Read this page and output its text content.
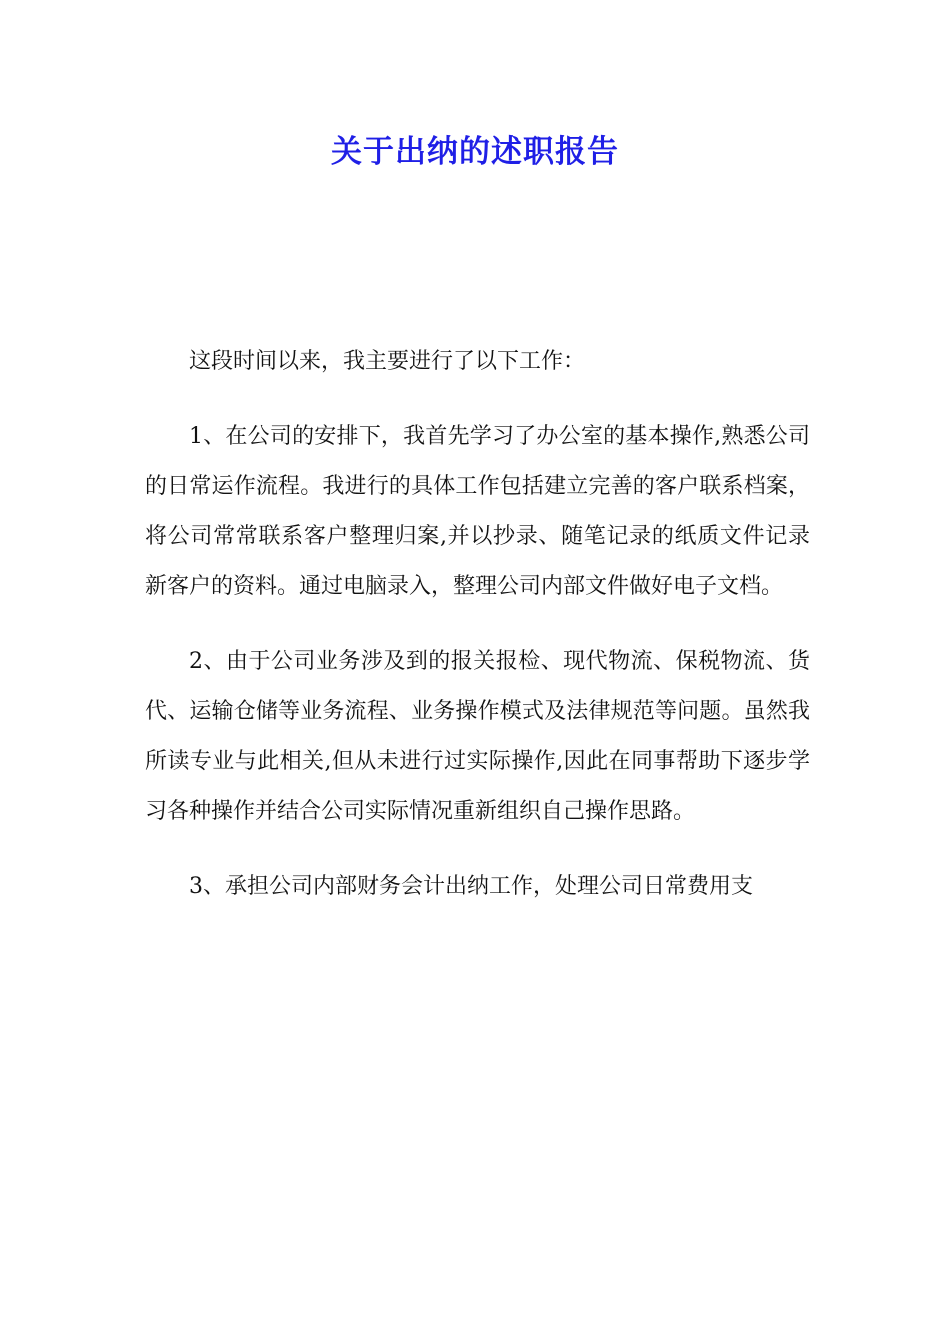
关于出纳的述职报告

这段时间以来，我主要进行了以下工作：

1、在公司的安排下，我首先学习了办公室的基本操作,熟悉公司的日常运作流程。我进行的具体工作包括建立完善的客户联系档案，将公司常常联系客户整理归案,并以抄录、随笔记录的纸质文件记录新客户的资料。通过电脑录入，整理公司内部文件做好电子文档。

2、由于公司业务涉及到的报关报检、现代物流、保税物流、货代、运输仓储等业务流程、业务操作模式及法律规范等问题。虽然我所读专业与此相关,但从未进行过实际操作,因此在同事帮助下逐步学习各种操作并结合公司实际情况重新组织自己操作思路。

3、承担公司内部财务会计出纳工作，处理公司日常费用支
